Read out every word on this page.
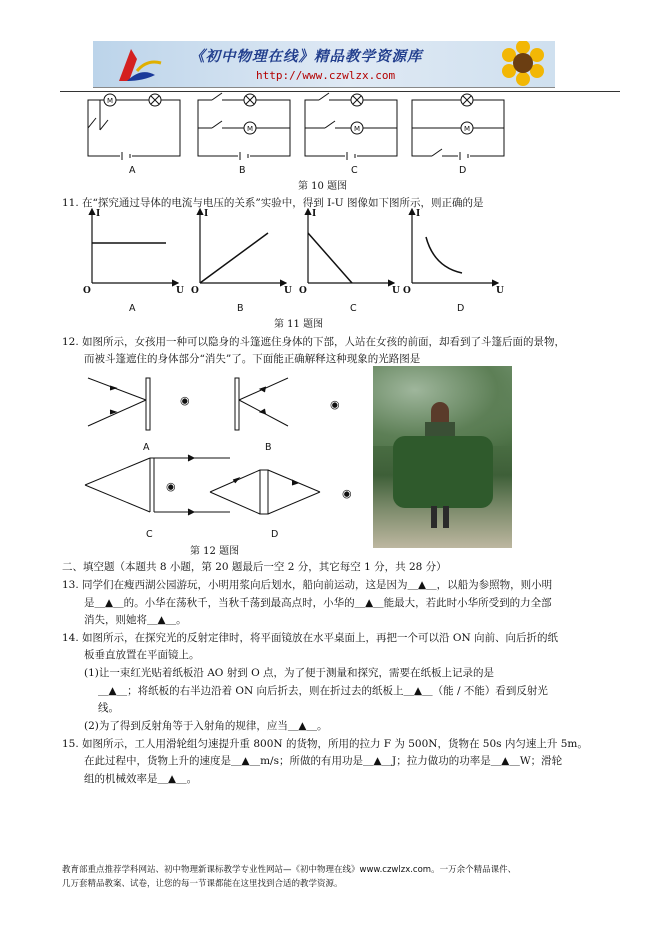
《初中物理在线》精品教学资源库
http://www.czwlzx.com
M
M	M	M
A	B	C	D
第 10 题图
11. 在“探究通过导体的电流与电压的关系”实验中，得到 I-U 图像如下图所示，则正确的是
I
O	U
I
O	U
I
O	U
I
O	U
A	B	C	D
第 11 题图
12. 如图所示，女孩用一种可以隐身的斗篷遮住身体的下部，人站在女孩的前面，却看到了斗篷后面的景物，
而被斗篷遮住的身体部分“消失”了。下面能正确解释这种现象的光路图是
◉	◉
◉
◉
A	B
C	D
第 12 题图
二、填空题（本题共 8 小题，第 20 题最后一空 2 分，其它每空 1 分，共 28 分）
13. 同学们在瘦西湖公园游玩，小明用浆向后划水，船向前运动，这是因为＿▲＿，以船为参照物，则小明
是＿▲＿的。小华在荡秋千，当秋千荡到最高点时，小华的＿▲＿能最大，若此时小华所受到的力全部
消失，则她将＿▲＿。
14. 如图所示，在探究光的反射定律时，将平面镜放在水平桌面上，再把一个可以沿 ON 向前、向后折的纸
板垂直放置在平面镜上。
(1)让一束红光贴着纸板沿 AO 射到 O 点，为了便于测量和探究，需要在纸板上记录的是
＿▲＿；将纸板的右半边沿着 ON 向后折去，则在折过去的纸板上＿▲＿（能 / 不能）看到反射光
线。
(2)为了得到反射角等于入射角的规律，应当＿▲＿。
15. 如图所示，工人用滑轮组匀速提升重 800N 的货物，所用的拉力 F 为 500N，货物在 50s 内匀速上升 5m。
在此过程中，货物上升的速度是＿▲＿m/s；所做的有用功是＿▲＿J；拉力做功的功率是＿▲＿W；滑轮
组的机械效率是＿▲＿。
教育部重点推荐学科网站、初中物理新课标教学专业性网站—《初中物理在线》www.czwlzx.com。一万余个精品课件、
几万套精品教案、试卷，让您的每一节课都能在这里找到合适的教学资源。
